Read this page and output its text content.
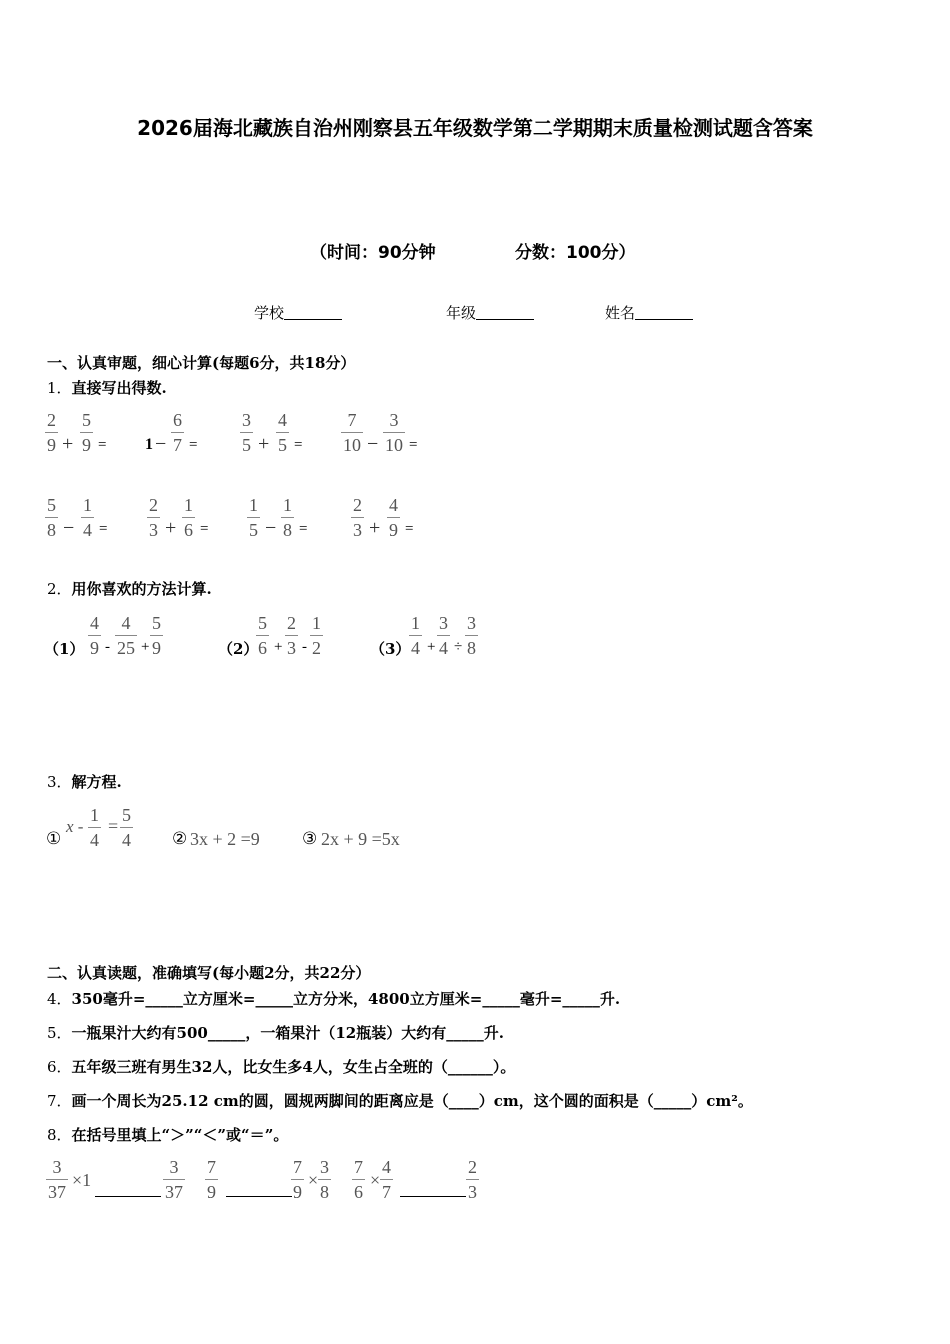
2026届海北藏族自治州刚察县五年级数学第二学期期末质量检测试题含答案
（时间：90分钟	分数：100分）
学校	年级	姓名
一、认真审题，细心计算(每题6分，共18分）
1．直接写出得数.
$\frac{2}{9} + \frac{5}{9} = 1 - \frac{6}{7} = \frac{3}{5} + \frac{4}{5} = \frac{7}{10} - \frac{3}{10}$ =
$\frac{5}{8} - \frac{1}{4} = \frac{2}{3} + \frac{1}{6} = \frac{1}{5} - \frac{1}{8} = \frac{2}{3} + \frac{4}{9}$ =
2．用你喜欢的方法计算.
$(1) \frac{4}{9} - \frac{4}{25} + \frac{5}{9}$	（2）
$\frac{5}{6} + \frac{2}{3} - \frac{1}{2}$	（3）
$\frac{1}{4} + \frac{3}{4} \div \frac{3}{8}$
3．解方程.
①
$x - \frac{1}{4} = \frac{5}{4}$ ② 3x + 2 =9 ③ 2x + 9 =5x
二、认真读题，准确填写(每小题2分，共22分）
4．350毫升=_____立方厘米=_____立方分米，4800立方厘米=_____毫升=_____升.
5．一瓶果汁大约有500_____，一箱果汁（12瓶装）大约有_____升.
6．五年级三班有男生32人，比女生多4人，女生占全班的（______）。
7．画一个周长为25.12 cm的圆，圆规两脚间的距离应是（____）cm，这个圆的面积是（_____）cm²。
8．在括号里填上“＞”“＜”或“＝”。
$\frac{3}{37} \times 1$	$\frac{3}{37} \frac{7}{9}$	$\frac{7}{9} \times \frac{3}{8} \frac{7}{6} \times \frac{4}{7}$	$\frac{2}{3}$
